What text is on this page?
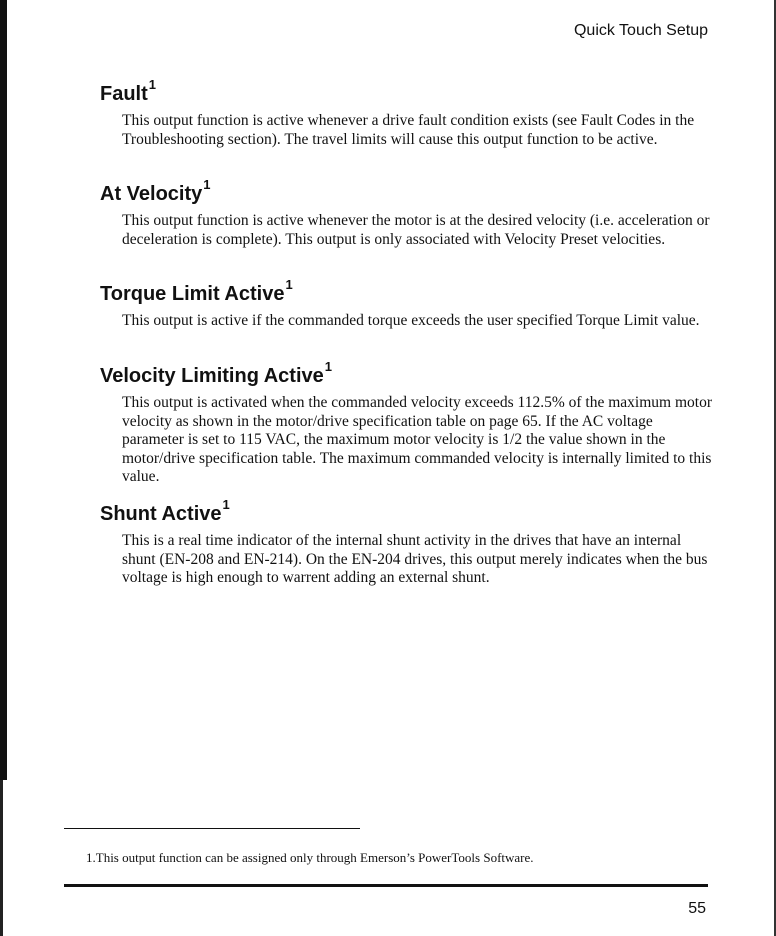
Quick Touch Setup
Fault$^1$

This output function is active whenever a drive fault condition exists (see Fault Codes in the Troubleshooting section). The travel limits will cause this output function to be active.

At Velocity$^1$

This output function is active whenever the motor is at the desired velocity (i.e. acceleration or deceleration is complete). This output is only associated with Velocity Preset velocities.

Torque Limit Active$^1$

This output is active if the commanded torque exceeds the user specified Torque Limit value.

Velocity Limiting Active$^1$

This output is activated when the commanded velocity exceeds 112.5% of the maximum motor velocity as shown in the motor/drive specification table on page 65. If the AC voltage parameter is set to 115 VAC, the maximum motor velocity is 1/2 the value shown in the motor/drive specification table. The maximum commanded velocity is internally limited to this value.

Shunt Active$^1$

This is a real time indicator of the internal shunt activity in the drives that have an internal shunt (EN-208 and EN-214). On the EN-204 drives, this output merely indicates when the bus voltage is high enough to warrent adding an external shunt.

1.This output function can be assigned only through Emerson’s PowerTools Software.
55
